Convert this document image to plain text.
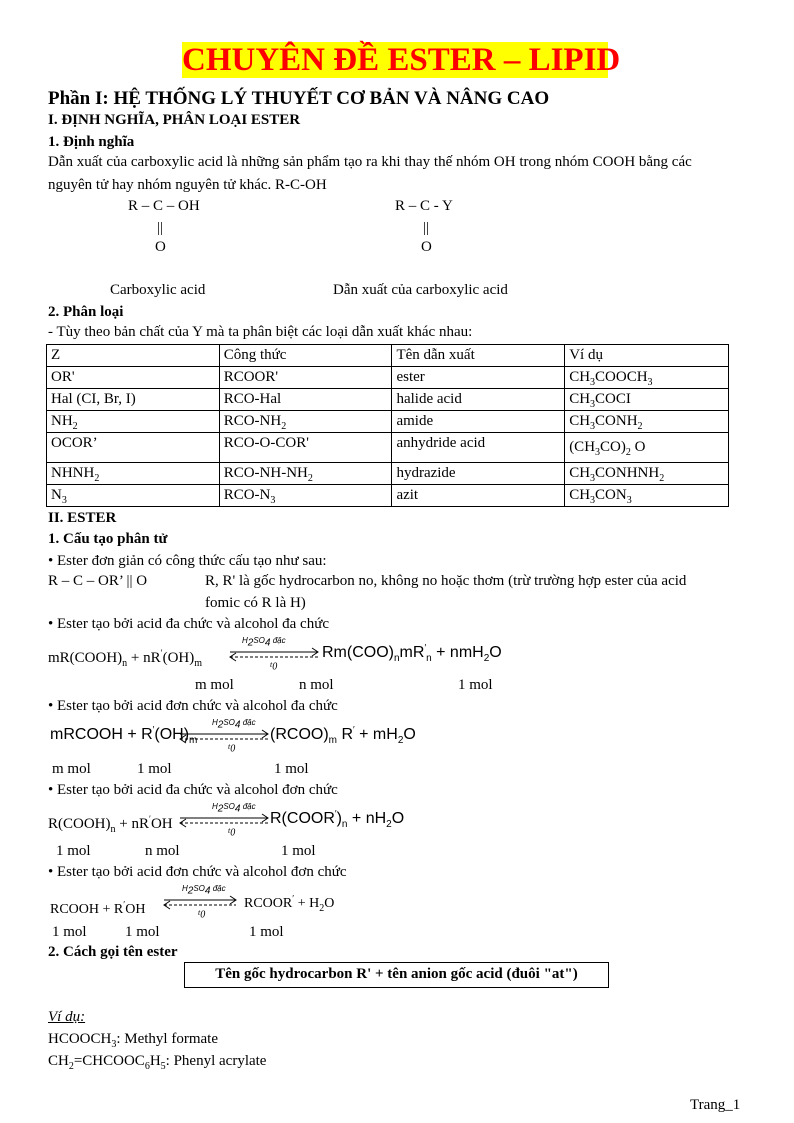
CHUYÊN ĐỀ ESTER – LIPID
Phần I: HỆ THỐNG LÝ THUYẾT CƠ BẢN VÀ NÂNG CAO
I. ĐỊNH NGHĨA, PHÂN LOẠI ESTER
1. Định nghĩa
Dẫn xuất của carboxylic acid là những sản phẩm tạo ra khi thay thế nhóm OH trong nhóm COOH bằng các
nguyên tử hay nhóm nguyên tử khác. R-C-OH
R – C – OH
||
O
R – C - Y
||
O
Carboxylic acid	Dẫn xuất của carboxylic acid
2. Phân loại
- Tùy theo bản chất của Y mà ta phân biệt các loại dẫn xuất khác nhau:
Z	Công thức	Tên dẫn xuất	Ví dụ
OR'	RCOOR'	ester	$CH_3COOCH_3$
Hal (CI, Br, I)	RCO-Hal	halide acid	$CH_3COCI$
$NH_2$	RCO-$NH_2$	amide	$CH_3CONH_2$
OCOR’	RCO-O-COR'	anhydride acid	$(CH_3CO)_2$ O
$NHNH_2$	RCO-$NH-NH_2$	hydrazide	$CH_3CONHNH_2$
$N_3$	RCO-$N_3$	azit	$CH_3CON_3$
II. ESTER
1. Cấu tạo phân tử
• Ester đơn giản có công thức cấu tạo như sau:
R – C – OR’ || O	R, R' là gốc hydrocarbon no, không no hoặc thơm (trừ trường hợp ester của acid
fomic có R là H)
• Ester tạo bởi acid đa chức và alcohol đa chức
$mR(COOH)_n + nR'(OH)_m$
$H_2SO_4$ đặc
$t_0$
$Rm(COO)_nmR'_n + nmH_2O$
m mol	n mol	1 mol
• Ester tạo bởi acid đơn chức và alcohol đa chức
mRCOOH + $R'(OH)_m$
$H_2SO_4$ đặc
$t_0$
$(RCOO)_m$ $R' + mH_2O$
m mol	1 mol	1 mol
• Ester tạo bởi acid đa chức và alcohol đơn chức
$R(COOH)_n + nR'OH$
$H_2SO_4$ đặc
$t_0$
$R(COOR')_n + nH_2O$
1 mol	n mol	1 mol
• Ester tạo bởi acid đơn chức và alcohol đơn chức
RCOOH + R′OH
$H_2SO_4$ đặc
$t_0$
RCOOR′ + $H_2O$
1 mol	1 mol	1 mol
2. Cách gọi tên ester
Tên gốc hydrocarbon R' + tên anion gốc acid (đuôi "at")
Ví dụ:
$HCOOCH_3$: Methyl formate
$CH_2=CHCOOC_6H_5$: Phenyl acrylate
Trang_1
